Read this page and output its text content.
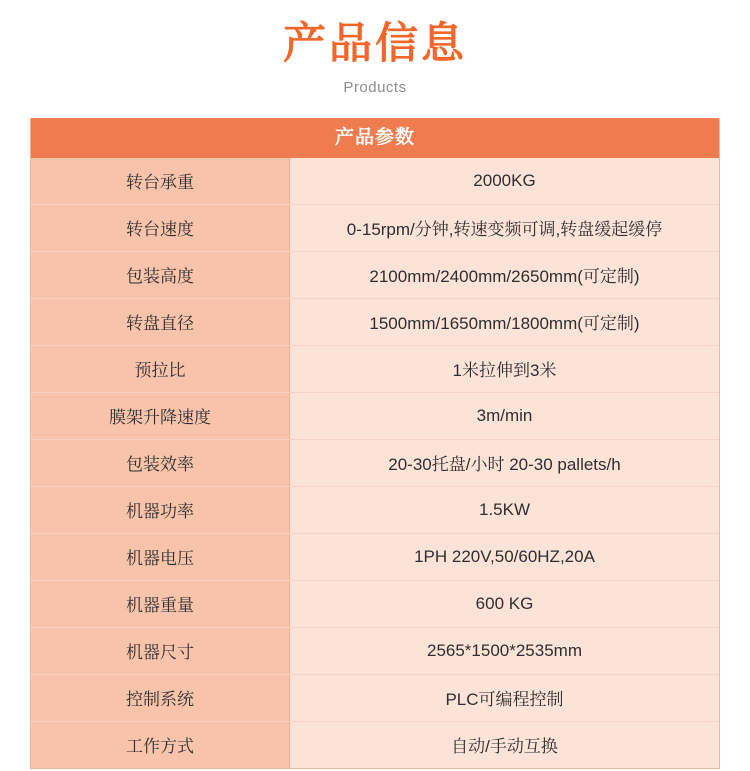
产品信息
Products
产品参数
转台承重	2000KG
转台速度	0-15rpm/分钟,转速变频可调,转盘缓起缓停
包装高度	2100mm/2400mm/2650mm(可定制)
转盘直径	1500mm/1650mm/1800mm(可定制)
预拉比	1米拉伸到3米
膜架升降速度	3m/min
包装效率	20-30托盘/小时 20-30 pallets/h
机器功率	1.5KW
机器电压	1PH 220V,50/60HZ,20A
机器重量	600 KG
机器尺寸	2565*1500*2535mm
控制系统	PLC可编程控制
工作方式	自动/手动互换
